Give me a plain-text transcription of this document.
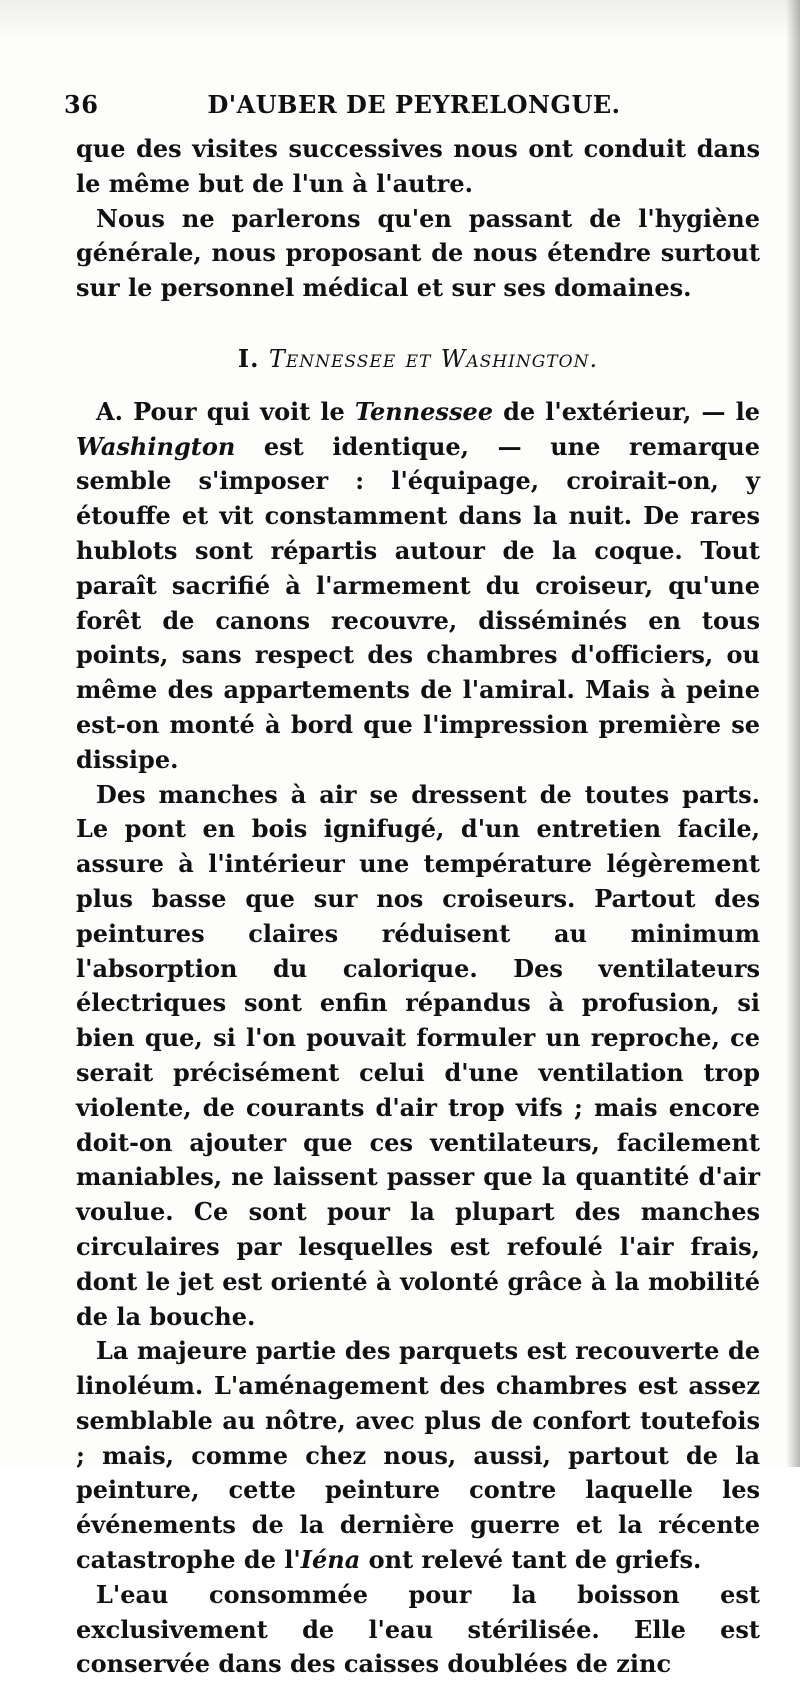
36	D'AUBER DE PEYRELONGUE.

que des visites successives nous ont conduit dans le même but de l'un à l'autre.

Nous ne parlerons qu'en passant de l'hygiène générale, nous proposant de nous étendre surtout sur le personnel médical et sur ses domaines.

I. Tennessee et Washington.

A. Pour qui voit le Tennessee de l'extérieur, — le Washington est identique, — une remarque semble s'imposer : l'équipage, croirait-on, y étouffe et vit constamment dans la nuit. De rares hublots sont répartis autour de la coque. Tout paraît sacrifié à l'armement du croiseur, qu'une forêt de canons recouvre, disséminés en tous points, sans respect des chambres d'officiers, ou même des appartements de l'amiral. Mais à peine est-on monté à bord que l'impression première se dissipe.

Des manches à air se dressent de toutes parts. Le pont en bois ignifugé, d'un entretien facile, assure à l'intérieur une température légèrement plus basse que sur nos croiseurs. Partout des peintures claires réduisent au minimum l'absorption du calorique. Des ventilateurs électriques sont enfin répandus à profusion, si bien que, si l'on pouvait formuler un reproche, ce serait précisément celui d'une ventilation trop violente, de courants d'air trop vifs ; mais encore doit-on ajouter que ces ventilateurs, facilement maniables, ne laissent passer que la quantité d'air voulue. Ce sont pour la plupart des manches circulaires par lesquelles est refoulé l'air frais, dont le jet est orienté à volonté grâce à la mobilité de la bouche.

La majeure partie des parquets est recouverte de linoléum. L'aménagement des chambres est assez semblable au nôtre, avec plus de confort toutefois ; mais, comme chez nous, aussi, partout de la peinture, cette peinture contre laquelle les événements de la dernière guerre et la récente catastrophe de l'Iéna ont relevé tant de griefs.

L'eau consommée pour la boisson est exclusivement de l'eau stérilisée. Elle est conservée dans des caisses doublées de zinc
